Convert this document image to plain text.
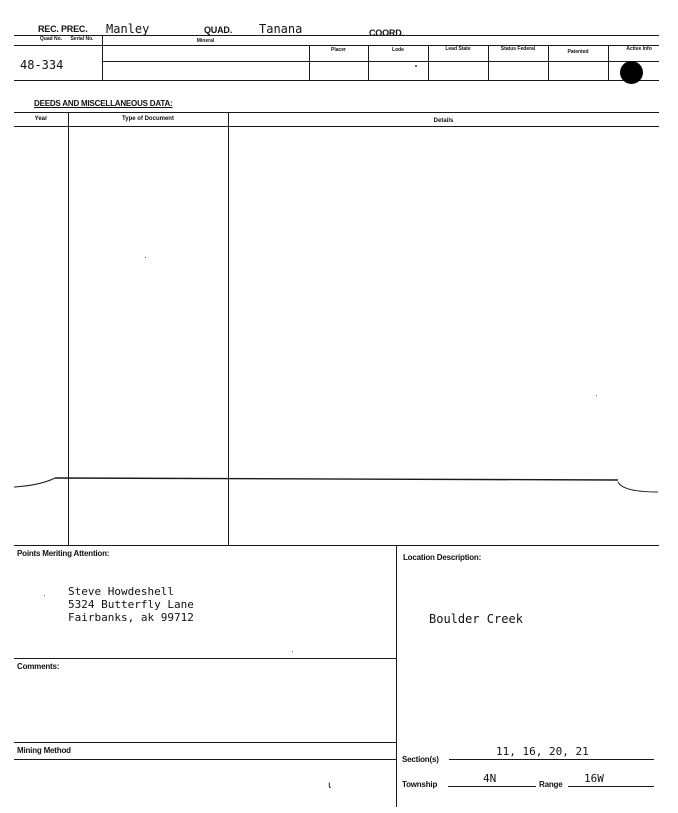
REC. PREC. Manley	QUAD. Tanana	COORD.
Quad No.	Serial No.	Mineral
Placer	Lode	Lead State	Status Federal	Patented	Active Info
48-334
DEEDS AND MISCELLANEOUS DATA:
Year	Type of Document	Details
Points Meriting Attention:
Steve Howdeshell
5324 Butterfly Lane
Fairbanks, ak 99712
Location Description:
Boulder Creek
Comments:
Mining Method
ι
Section(s)
11, 16, 20, 21
Township	4N	Range 16W
